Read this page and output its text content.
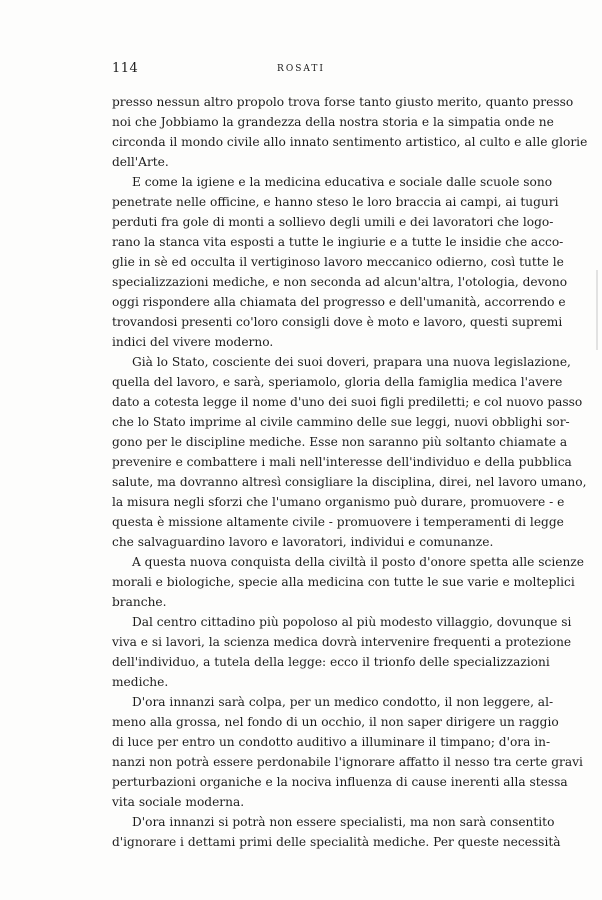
114	ROSATI
presso nessun altro propolo trova forse tanto giusto merito, quanto presso
noi che Jobbiamo la grandezza della nostra storia e la simpatia onde ne
circonda il mondo civile allo innato sentimento artistico, al culto e alle glorie
dell'Arte.
E come la igiene e la medicina educativa e sociale dalle scuole sono
penetrate nelle officine, e hanno steso le loro braccia ai campi, ai tuguri
perduti fra gole di monti a sollievo degli umili e dei lavoratori che logo-
rano la stanca vita esposti a tutte le ingiurie e a tutte le insidie che acco-
glie in sè ed occulta il vertiginoso lavoro meccanico odierno, così tutte le
specializzazioni mediche, e non seconda ad alcun'altra, l'otologia, devono
oggi rispondere alla chiamata del progresso e dell'umanità, accorrendo e
trovandosi presenti co'loro consigli dove è moto e lavoro, questi supremi
indici del vivere moderno.
Già lo Stato, cosciente dei suoi doveri, prapara una nuova legislazione,
quella del lavoro, e sarà, speriamolo, gloria della famiglia medica l'avere
dato a cotesta legge il nome d'uno dei suoi figli prediletti; e col nuovo passo
che lo Stato imprime al civile cammino delle sue leggi, nuovi obblighi sor-
gono per le discipline mediche. Esse non saranno più soltanto chiamate a
prevenire e combattere i mali nell'interesse dell'individuo e della pubblica
salute, ma dovranno altresì consigliare la disciplina, direi, nel lavoro umano,
la misura negli sforzi che l'umano organismo può durare, promuovere - e
questa è missione altamente civile - promuovere i temperamenti di legge
che salvaguardino lavoro e lavoratori, individui e comunanze.
A questa nuova conquista della civiltà il posto d'onore spetta alle scienze
morali e biologiche, specie alla medicina con tutte le sue varie e molteplici
branche.
Dal centro cittadino più popoloso al più modesto villaggio, dovunque si
viva e si lavori, la scienza medica dovrà intervenire frequenti a protezione
dell'individuo, a tutela della legge: ecco il trionfo delle specializzazioni
mediche.
D'ora innanzi sarà colpa, per un medico condotto, il non leggere, al-
meno alla grossa, nel fondo di un occhio, il non saper dirigere un raggio
di luce per entro un condotto auditivo a illuminare il timpano; d'ora in-
nanzi non potrà essere perdonabile l'ignorare affatto il nesso tra certe gravi
perturbazioni organiche e la nociva influenza di cause inerenti alla stessa
vita sociale moderna.
D'ora innanzi si potrà non essere specialisti, ma non sarà consentito
d'ignorare i dettami primi delle specialità mediche. Per queste necessità
